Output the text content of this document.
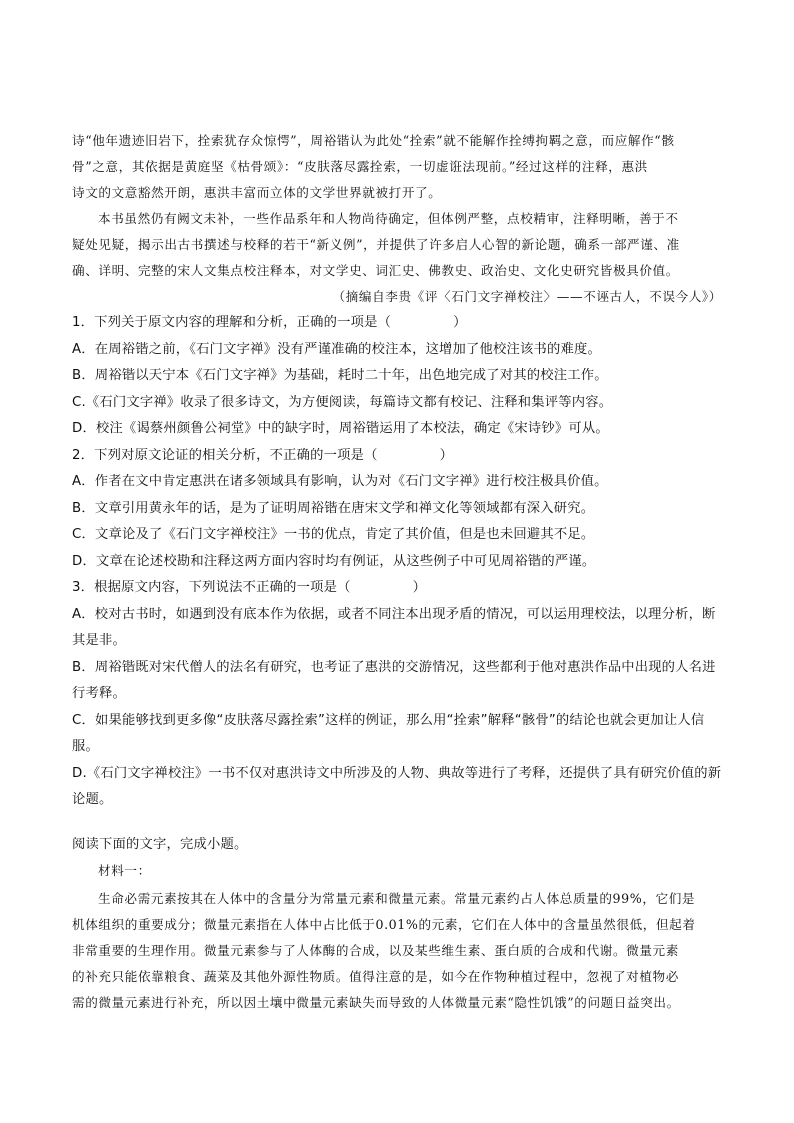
诗“他年遗迹旧岩下，拴索犹存众惊愕”，周裕锴认为此处“拴索”就不能解作拴缚拘羁之意，而应解作“骸
骨”之意，其依据是黄庭坚《枯骨颂》：“皮肤落尽露拴索，一切虚诳法现前。”经过这样的注释，惠洪
诗文的文意豁然开朗，惠洪丰富而立体的文学世界就被打开了。
本书虽然仍有阙文未补，一些作品系年和人物尚待确定，但体例严整，点校精审，注释明晰，善于不
疑处见疑，揭示出古书撰述与校释的若干“新义例”，并提供了许多启人心智的新论题，确系一部严谨、准
确、详明、完整的宋人文集点校注释本，对文学史、词汇史、佛教史、政治史、文化史研究皆极具价值。
（摘编自李贵《评〈石门文字禅校注〉——不诬古人，不误今人》）
1．下列关于原文内容的理解和分析，正确的一项是（	）
A．在周裕锴之前，《石门文字禅》没有严谨准确的校注本，这增加了他校注该书的难度。
B．周裕锴以天宁本《石门文字禅》为基础，耗时二十年，出色地完成了对其的校注工作。
C.《石门文字禅》收录了很多诗文，为方便阅读，每篇诗文都有校记、注释和集评等内容。
D．校注《谒蔡州颜鲁公祠堂》中的缺字时，周裕锴运用了本校法，确定《宋诗钞》可从。
2．下列对原文论证的相关分析，不正确的一项是（	）
A．作者在文中肯定惠洪在诸多领域具有影响，认为对《石门文字禅》进行校注极具价值。
B．文章引用黄永年的话，是为了证明周裕锴在唐宋文学和禅文化等领域都有深入研究。
C．文章论及了《石门文字禅校注》一书的优点，肯定了其价值，但是也未回避其不足。
D．文章在论述校勘和注释这两方面内容时均有例证，从这些例子中可见周裕锴的严谨。
3．根据原文内容，下列说法不正确的一项是（	）
A．校对古书时，如遇到没有底本作为依据，或者不同注本出现矛盾的情况，可以运用理校法，以理分析，断其是非。
B．周裕锴既对宋代僧人的法名有研究，也考证了惠洪的交游情况，这些都利于他对惠洪作品中出现的人名进行考释。
C．如果能够找到更多像“皮肤落尽露拴索”这样的例证，那么用“拴索”解释“骸骨”的结论也就会更加让人信服。
D.《石门文字禅校注》一书不仅对惠洪诗文中所涉及的人物、典故等进行了考释，还提供了具有研究价值的新论题。
阅读下面的文字，完成小题。
材料一：
生命必需元素按其在人体中的含量分为常量元素和微量元素。常量元素约占人体总质量的99%，它们是
机体组织的重要成分；微量元素指在人体中占比低于0.01%的元素，它们在人体中的含量虽然很低，但起着
非常重要的生理作用。微量元素参与了人体酶的合成，以及某些维生素、蛋白质的合成和代谢。微量元素
的补充只能依靠粮食、蔬菜及其他外源性物质。值得注意的是，如今在作物种植过程中，忽视了对植物必
需的微量元素进行补充，所以因土壤中微量元素缺失而导致的人体微量元素“隐性饥饿”的问题日益突出。
